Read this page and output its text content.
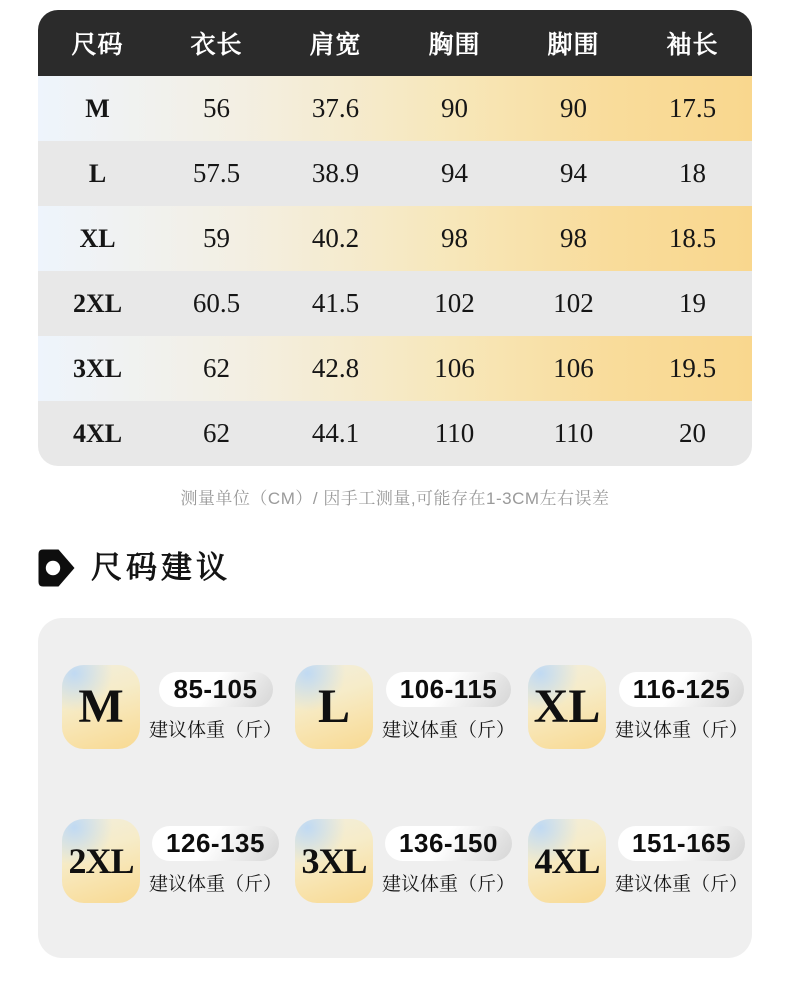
尺码	衣长	肩宽	胸围	脚围	袖长
M	56	37.6	90	90	17.5
L	57.5	38.9	94	94	18
XL	59	40.2	98	98	18.5
2XL	60.5	41.5	102	102	19
3XL	62	42.8	106	106	19.5
4XL	62	44.1	110	110	20
测量单位（CM）/ 因手工测量,可能存在1-3CM左右误差
尺码建议
M 85-105
建议体重（斤） L 106-115
建议体重（斤） XL 116-125
建议体重（斤）
2XL 126-135
建议体重（斤）
3XL 136-150
建议体重（斤）
4XL 151-165
建议体重（斤）
